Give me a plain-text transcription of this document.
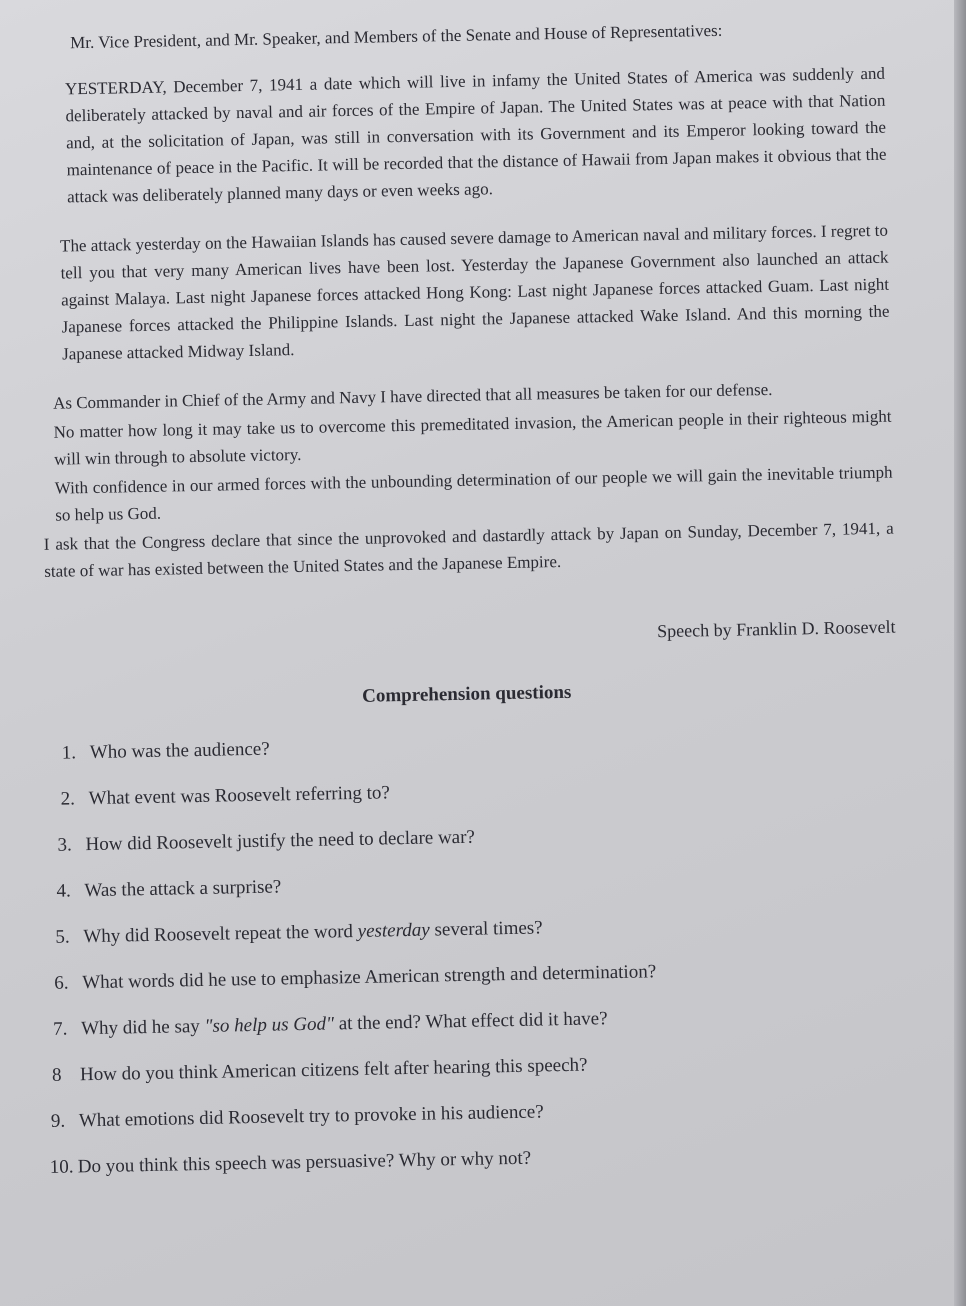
Mr. Vice President, and Mr. Speaker, and Members of the Senate and House of Representatives:

YESTERDAY, December 7, 1941 a date which will live in infamy the United States of America was suddenly and deliberately attacked by naval and air forces of the Empire of Japan. The United States was at peace with that Nation and, at the solicitation of Japan, was still in conversation with its Government and its Emperor looking toward the maintenance of peace in the Pacific. It will be recorded that the distance of Hawaii from Japan makes it obvious that the attack was deliberately planned many days or even weeks ago.

The attack yesterday on the Hawaiian Islands has caused severe damage to American naval and military forces. I regret to tell you that very many American lives have been lost. Yesterday the Japanese Government also launched an attack against Malaya. Last night Japanese forces attacked Hong Kong: Last night Japanese forces attacked Guam. Last night Japanese forces attacked the Philippine Islands. Last night the Japanese attacked Wake Island. And this morning the Japanese attacked Midway Island.

As Commander in Chief of the Army and Navy I have directed that all measures be taken for our defense.

No matter how long it may take us to overcome this premeditated invasion, the American people in their righteous might will win through to absolute victory.

With confidence in our armed forces with the unbounding determination of our people we will gain the inevitable triumph so help us God.

I ask that the Congress declare that since the unprovoked and dastardly attack by Japan on Sunday, December 7, 1941, a state of war has existed between the United States and the Japanese Empire.

Speech by Franklin D. Roosevelt
Comprehension questions
1. Who was the audience?
2. What event was Roosevelt referring to?
3. How did Roosevelt justify the need to declare war?
4. Was the attack a surprise?
5. Why did Roosevelt repeat the word yesterday several times?
6. What words did he use to emphasize American strength and determination?
7. Why did he say "so help us God" at the end? What effect did it have?
8 How do you think American citizens felt after hearing this speech?
9. What emotions did Roosevelt try to provoke in his audience?
10. Do you think this speech was persuasive? Why or why not?
